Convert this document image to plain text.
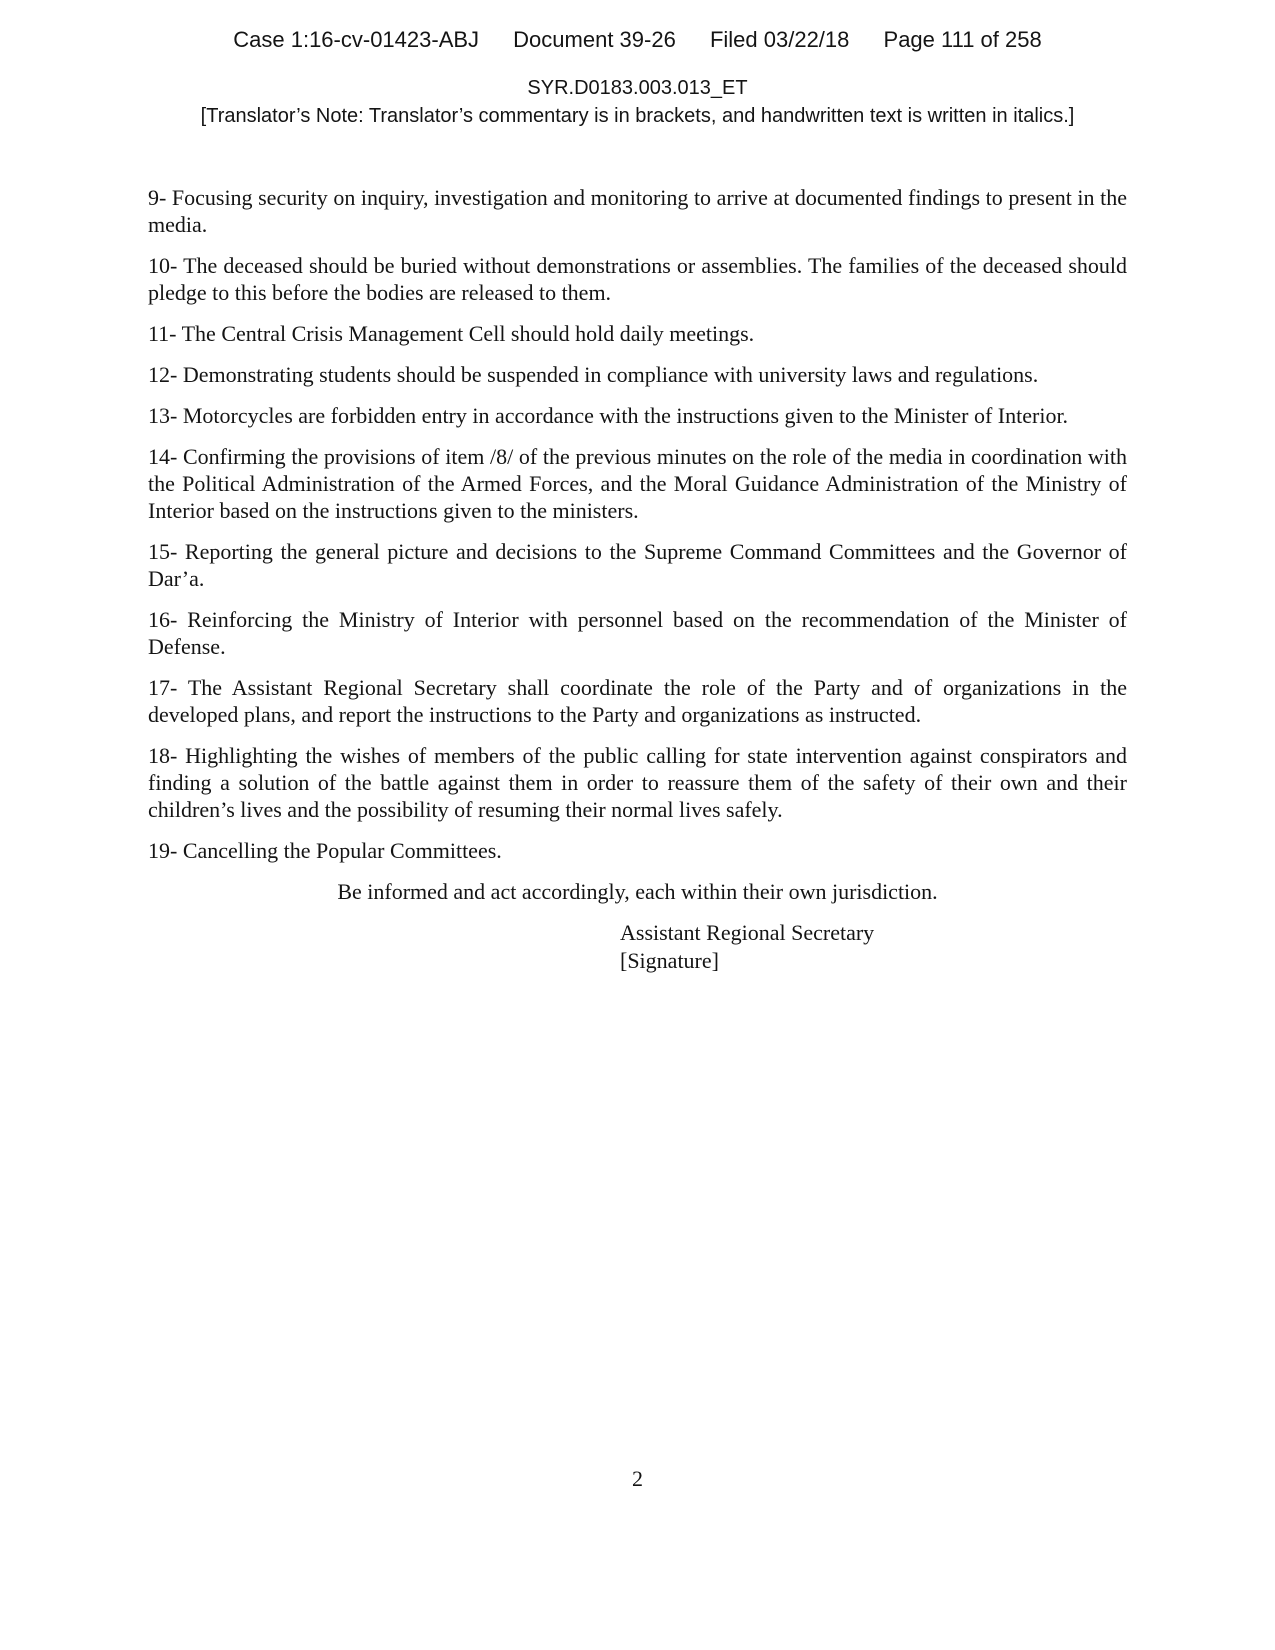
Case 1:16-cv-01423-ABJ Document 39-26 Filed 03/22/18 Page 111 of 258
SYR.D0183.003.013_ET
[Translator’s Note: Translator’s commentary is in brackets, and handwritten text is written in italics.]

9- Focusing security on inquiry, investigation and monitoring to arrive at documented findings to present in the media.

10- The deceased should be buried without demonstrations or assemblies. The families of the deceased should pledge to this before the bodies are released to them.

11- The Central Crisis Management Cell should hold daily meetings.

12- Demonstrating students should be suspended in compliance with university laws and regulations.

13- Motorcycles are forbidden entry in accordance with the instructions given to the Minister of Interior.

14- Confirming the provisions of item /8/ of the previous minutes on the role of the media in coordination with the Political Administration of the Armed Forces, and the Moral Guidance Administration of the Ministry of Interior based on the instructions given to the ministers.

15- Reporting the general picture and decisions to the Supreme Command Committees and the Governor of Dar’a.

16- Reinforcing the Ministry of Interior with personnel based on the recommendation of the Minister of Defense.

17- The Assistant Regional Secretary shall coordinate the role of the Party and of organizations in the developed plans, and report the instructions to the Party and organizations as instructed.

18- Highlighting the wishes of members of the public calling for state intervention against conspirators and finding a solution of the battle against them in order to reassure them of the safety of their own and their children’s lives and the possibility of resuming their normal lives safely.

19- Cancelling the Popular Committees.

Be informed and act accordingly, each within their own jurisdiction.

Assistant Regional Secretary
[Signature]
2
